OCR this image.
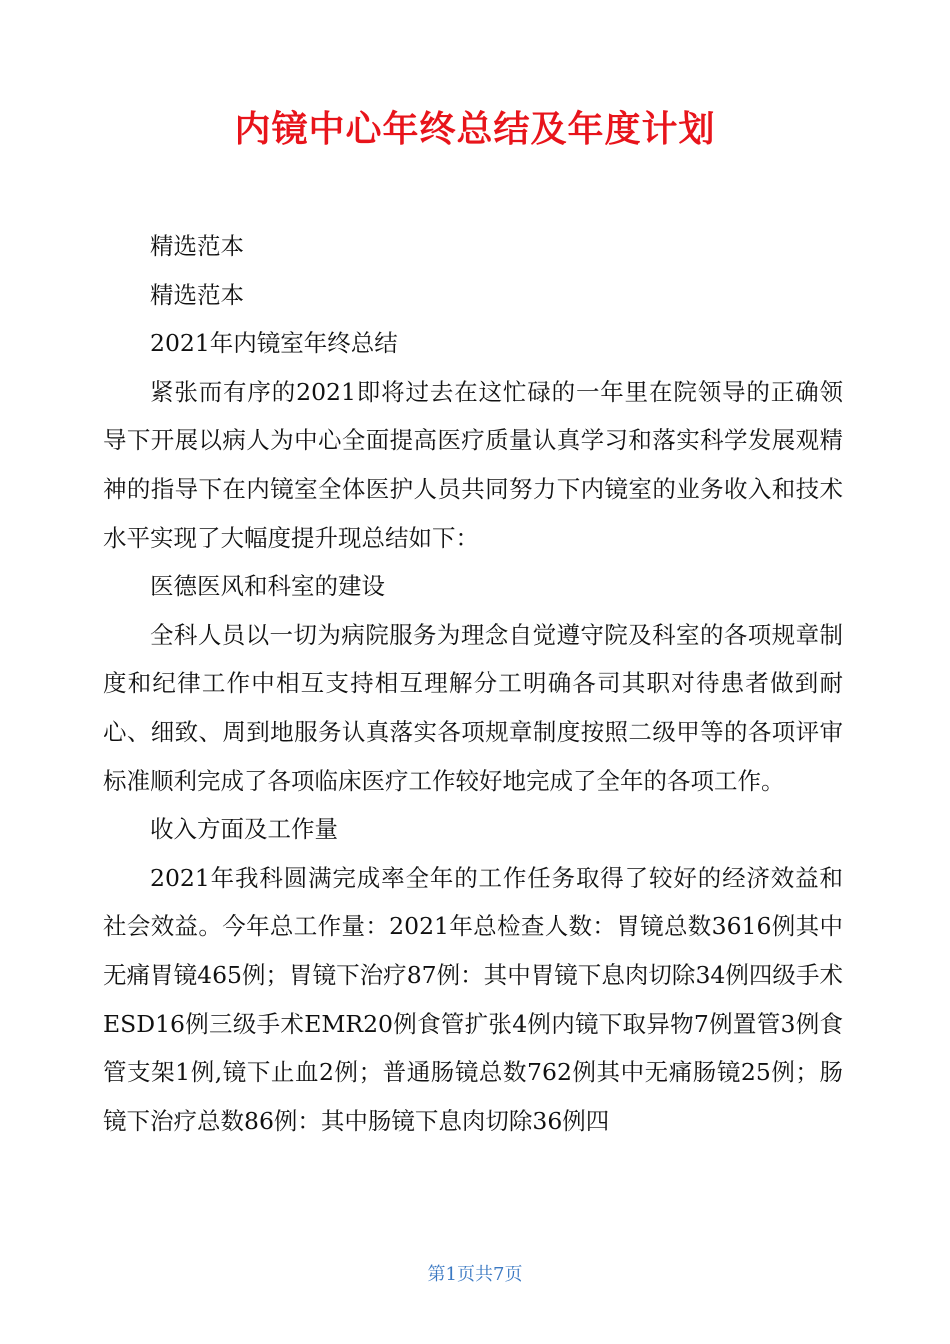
内镜中心年终总结及年度计划

精选范本

精选范本

2021年内镜室年终总结

紧张而有序的2021即将过去在这忙碌的一年里在院领导的正确领导下开展以病人为中心全面提高医疗质量认真学习和落实科学发展观精神的指导下在内镜室全体医护人员共同努力下内镜室的业务收入和技术水平实现了大幅度提升现总结如下：

医德医风和科室的建设

全科人员以一切为病院服务为理念自觉遵守院及科室的各项规章制度和纪律工作中相互支持相互理解分工明确各司其职对待患者做到耐心、细致、周到地服务认真落实各项规章制度按照二级甲等的各项评审标准顺利完成了各项临床医疗工作较好地完成了全年的各项工作。

收入方面及工作量

2021年我科圆满完成率全年的工作任务取得了较好的经济效益和社会效益。今年总工作量：2021年总检查人数：胃镜总数3616例其中无痛胃镜465例；胃镜下治疗87例：其中胃镜下息肉切除34例四级手术ESD16例三级手术EMR20例食管扩张4例内镜下取异物7例置管3例食管支架1例,镜下止血2例；普通肠镜总数762例其中无痛肠镜25例；肠镜下治疗总数86例：其中肠镜下息肉切除36例四

第1页共7页
